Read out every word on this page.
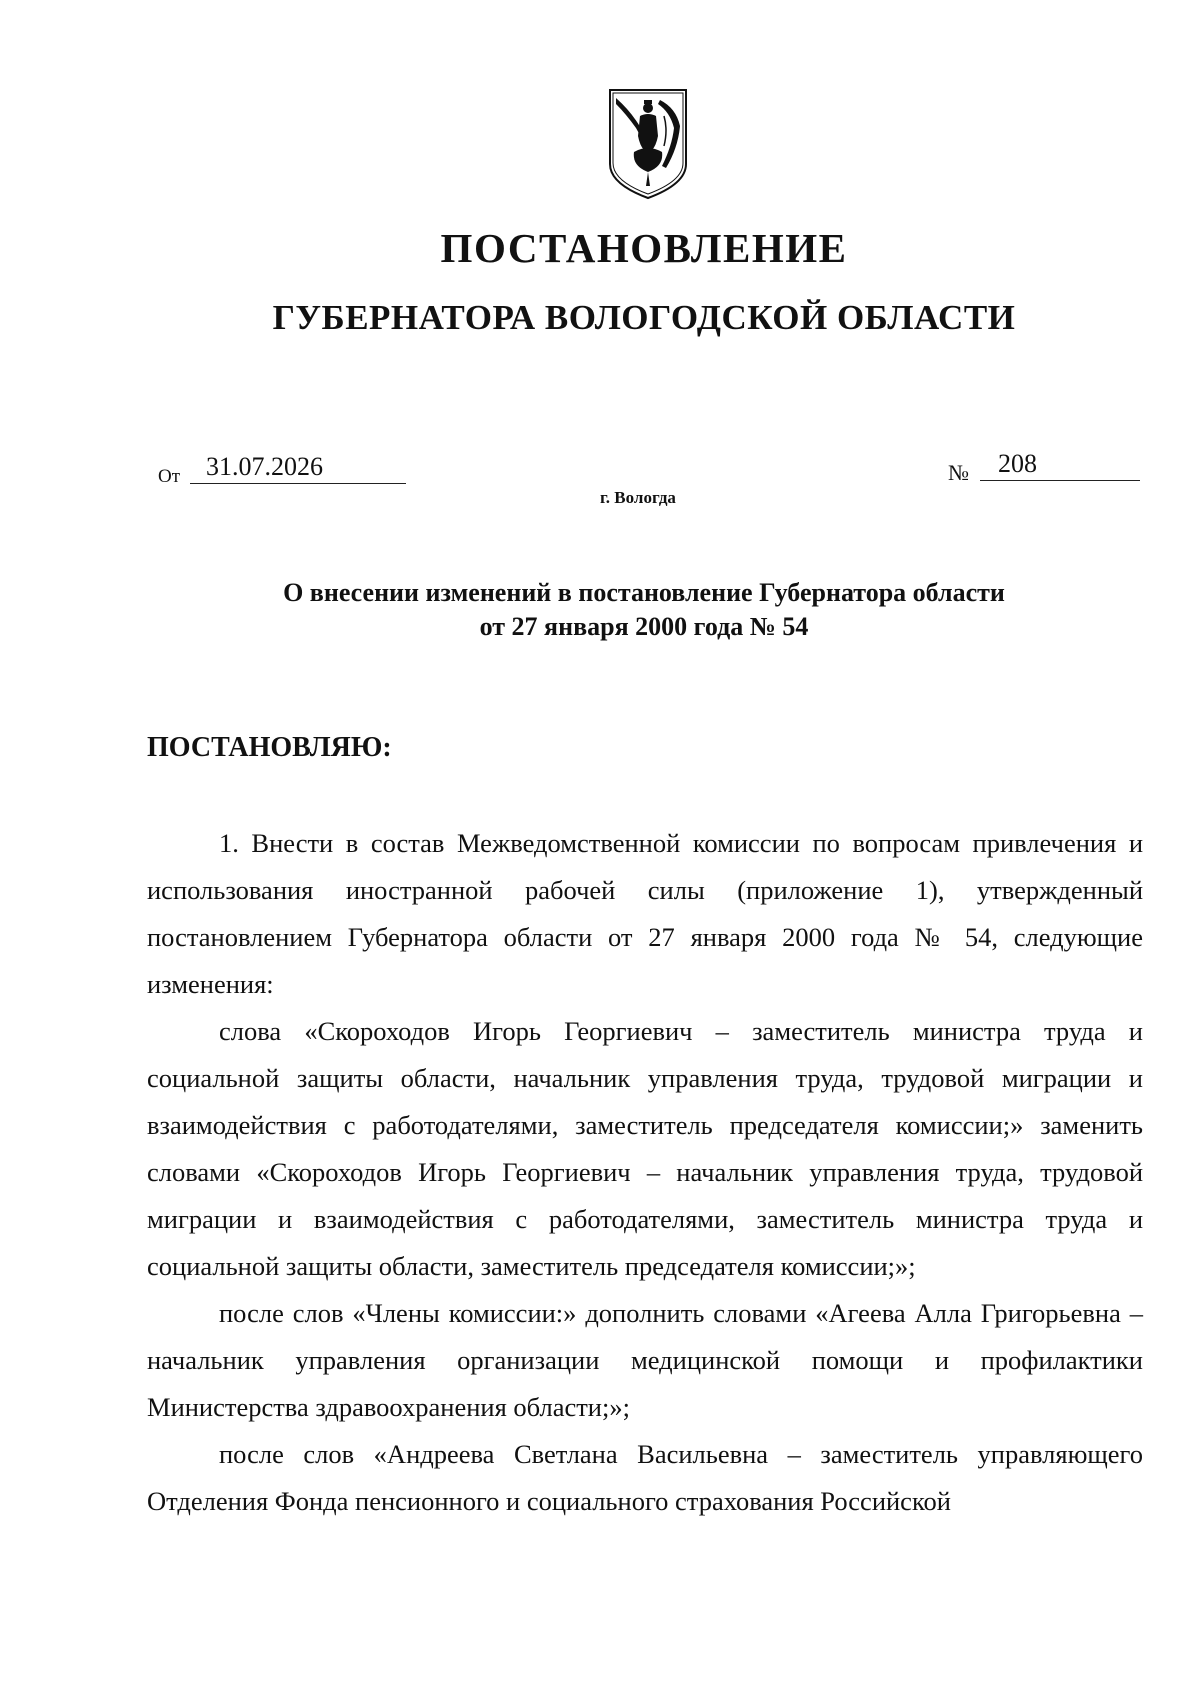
ПОСТАНОВЛЕНИЕ
ГУБЕРНАТОРА ВОЛОГОДСКОЙ ОБЛАСТИ
От 31.07.2026	№	208
г. Вологда
О внесении изменений в постановление Губернатора области
от 27 января 2000 года № 54

ПОСТАНОВЛЯЮ:

1. Внести в состав Межведомственной комиссии по вопросам привлечения и использования иностранной рабочей силы (приложение 1), утвержденный постановлением Губернатора области от 27 января 2000 года № 54, следующие изменения:

слова «Скороходов Игорь Георгиевич – заместитель министра труда и социальной защиты области, начальник управления труда, трудовой миграции и взаимодействия с работодателями, заместитель председателя комиссии;» заменить словами «Скороходов Игорь Георгиевич – начальник управления труда, трудовой миграции и взаимодействия с работодателями, заместитель министра труда и социальной защиты области, заместитель председателя комиссии;»;

после слов «Члены комиссии:» дополнить словами «Агеева Алла Григорьевна – начальник управления организации медицинской помощи и профилактики Министерства здравоохранения области;»;

после слов «Андреева Светлана Васильевна – заместитель управляющего Отделения Фонда пенсионного и социального страхования Российской
